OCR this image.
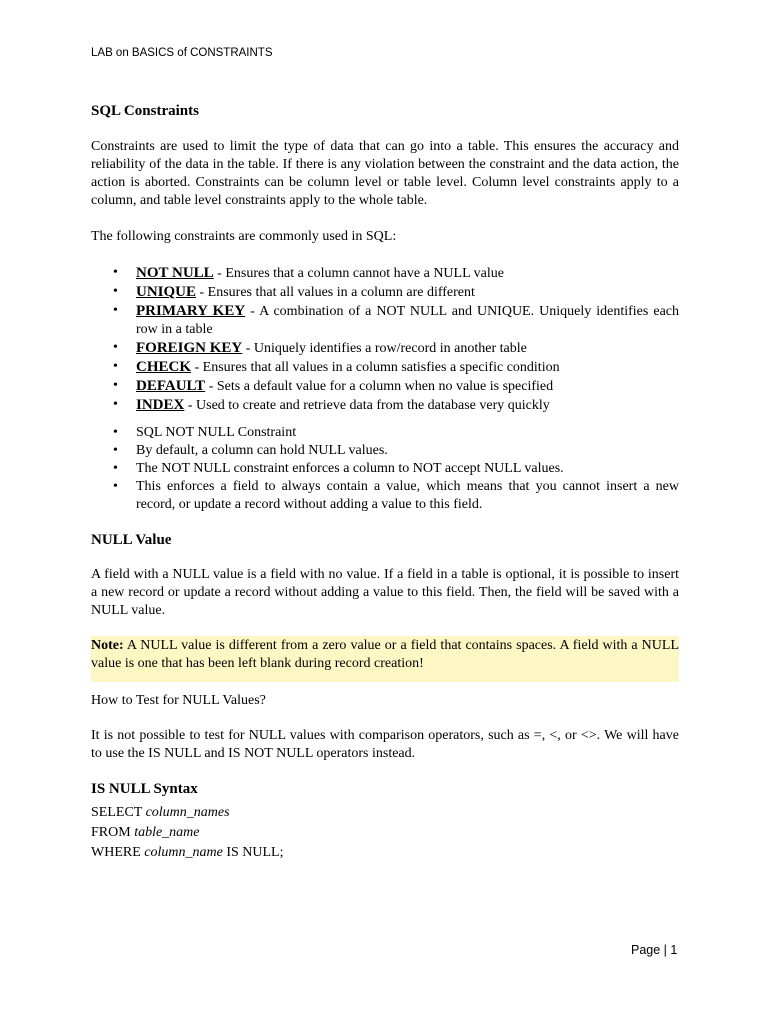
LAB on BASICS of CONSTRAINTS
SQL Constraints

Constraints are used to limit the type of data that can go into a table. This ensures the accuracy and reliability of the data in the table. If there is any violation between the constraint and the data action, the action is aborted. Constraints can be column level or table level. Column level constraints apply to a column, and table level constraints apply to the whole table.

The following constraints are commonly used in SQL:

• NOT NULL - Ensures that a column cannot have a NULL value
• UNIQUE - Ensures that all values in a column are different
• PRIMARY KEY - A combination of a NOT NULL and UNIQUE. Uniquely identifies each row in a table
• FOREIGN KEY - Uniquely identifies a row/record in another table
• CHECK - Ensures that all values in a column satisfies a specific condition
• DEFAULT - Sets a default value for a column when no value is specified
• INDEX - Used to create and retrieve data from the database very quickly
• SQL NOT NULL Constraint
• By default, a column can hold NULL values.
• The NOT NULL constraint enforces a column to NOT accept NULL values.
• This enforces a field to always contain a value, which means that you cannot insert a new record, or update a record without adding a value to this field.
NULL Value

A field with a NULL value is a field with no value. If a field in a table is optional, it is possible to insert a new record or update a record without adding a value to this field. Then, the field will be saved with a NULL value.

Note: A NULL value is different from a zero value or a field that contains spaces. A field with a NULL value is one that has been left blank during record creation!

How to Test for NULL Values?

It is not possible to test for NULL values with comparison operators, such as =, <, or <>. We will have to use the IS NULL and IS NOT NULL operators instead.

IS NULL Syntax
SELECT column_names
FROM table_name
WHERE column_name IS NULL;
Page | 1
